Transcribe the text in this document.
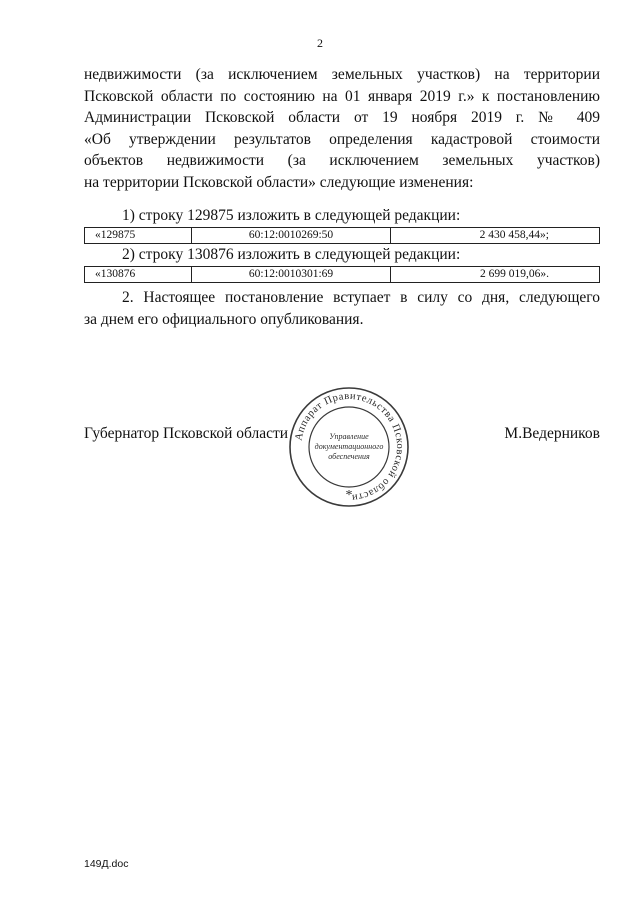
2
недвижимости (за исключением земельных участков) на территории
Псковской области по состоянию на 01 января 2019 г.» к постановлению
Администрации Псковской области от 19 ноября 2019 г. № 409
«Об утверждении результатов определения кадастровой стоимости
объектов недвижимости (за исключением земельных участков)
на территории Псковской области» следующие изменения:
1) строку 129875 изложить в следующей редакции:
«129875	60:12:0010269:50	2 430 458,44»;
2) строку 130876 изложить в следующей редакции:
«130876	60:12:0010301:69	2 699 019,06».
2. Настоящее постановление вступает в силу со дня, следующего
за днем его официального опубликования.
Губернатор Псковской области	М.Ведерников
Аппарат Правительства Псковской области
Управление
документационного
обеспечения
*
149Д.doc
